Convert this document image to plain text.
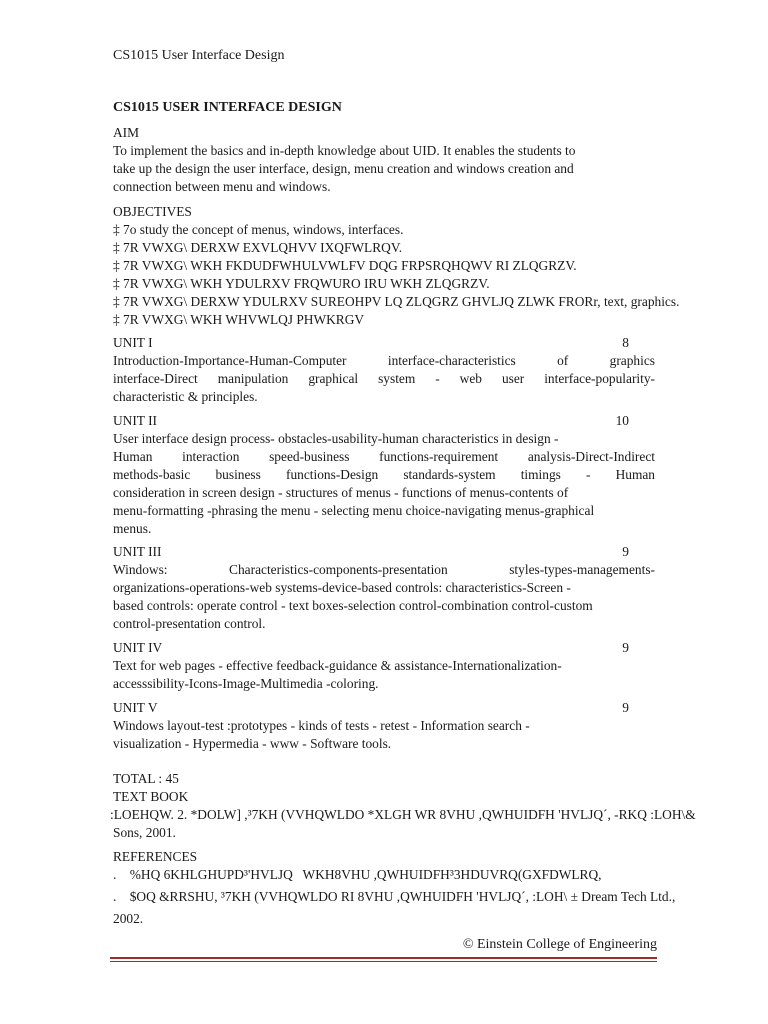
CS1015 User Interface Design
CS1015 USER INTERFACE DESIGN
AIM
To implement the basics and in-depth knowledge about UID. It enables the students to
take up the design the user interface, design, menu creation and windows creation and
connection between menu and windows.
OBJECTIVES
‡ 7o study the concept of menus, windows, interfaces.
‡ 7R VWXG\ DERXW EXVLQHVV IXQFWLRQV.
‡ 7R VWXG\ WKH FKDUDFWHULVWLFV DQG FRPSRQHQWV RI ZLQGRZV.
‡ 7R VWXG\ WKH YDULRXV FRQWURO IRU WKH ZLQGRZV.
‡ 7R VWXG\ DERXW YDULRXV SUREOHPV LQ ZLQGRZ GHVLJQ ZLWK FRORr, text, graphics.
‡ 7R VWXG\ WKH WHVWLQJ PHWKRGV
UNIT I	8
Introduction-Importance-Human-Computer interface-characteristics of graphics
interface-Direct manipulation graphical system - web user interface-popularity-
characteristic & principles.
UNIT II	10
User interface design process- obstacles-usability-human characteristics in design -
Human interaction speed-business functions-requirement analysis-Direct-Indirect
methods-basic business functions-Design standards-system timings - Human
consideration in screen design - structures of menus - functions of menus-contents of
menu-formatting -phrasing the menu - selecting menu choice-navigating menus-graphical
menus.
UNIT III	9
Windows: Characteristics-components-presentation styles-types-managements-
organizations-operations-web systems-device-based controls: characteristics-Screen -
based controls: operate control - text boxes-selection control-combination control-custom
control-presentation control.
UNIT IV	9
Text for web pages - effective feedback-guidance & assistance-Internationalization-
accesssibility-Icons-Image-Multimedia -coloring.
UNIT V	9
Windows layout-test :prototypes - kinds of tests - retest - Information search -
visualization - Hypermedia - www - Software tools.
TOTAL : 45
TEXT BOOK
:LOEHQW. 2. *DOLW] ,³7KH (VVHQWLDO *XLGH WR 8VHU ,QWHUIDFH 'HVLJQ´, -RKQ :LOH\&
Sons, 2001.
REFERENCES
.    %HQ 6KHLGHUPD³'HVLJQ   WKH8VHU ,QWHUIDFH³3HDUVRQ(GXFDWLRQ,
.    $OQ &RRSHU, ³7KH (VVHQWLDO RI 8VHU ,QWHUIDFH 'HVLJQ´, :LOH\ ± Dream Tech Ltd.,
2002.
© Einstein College of Engineering
